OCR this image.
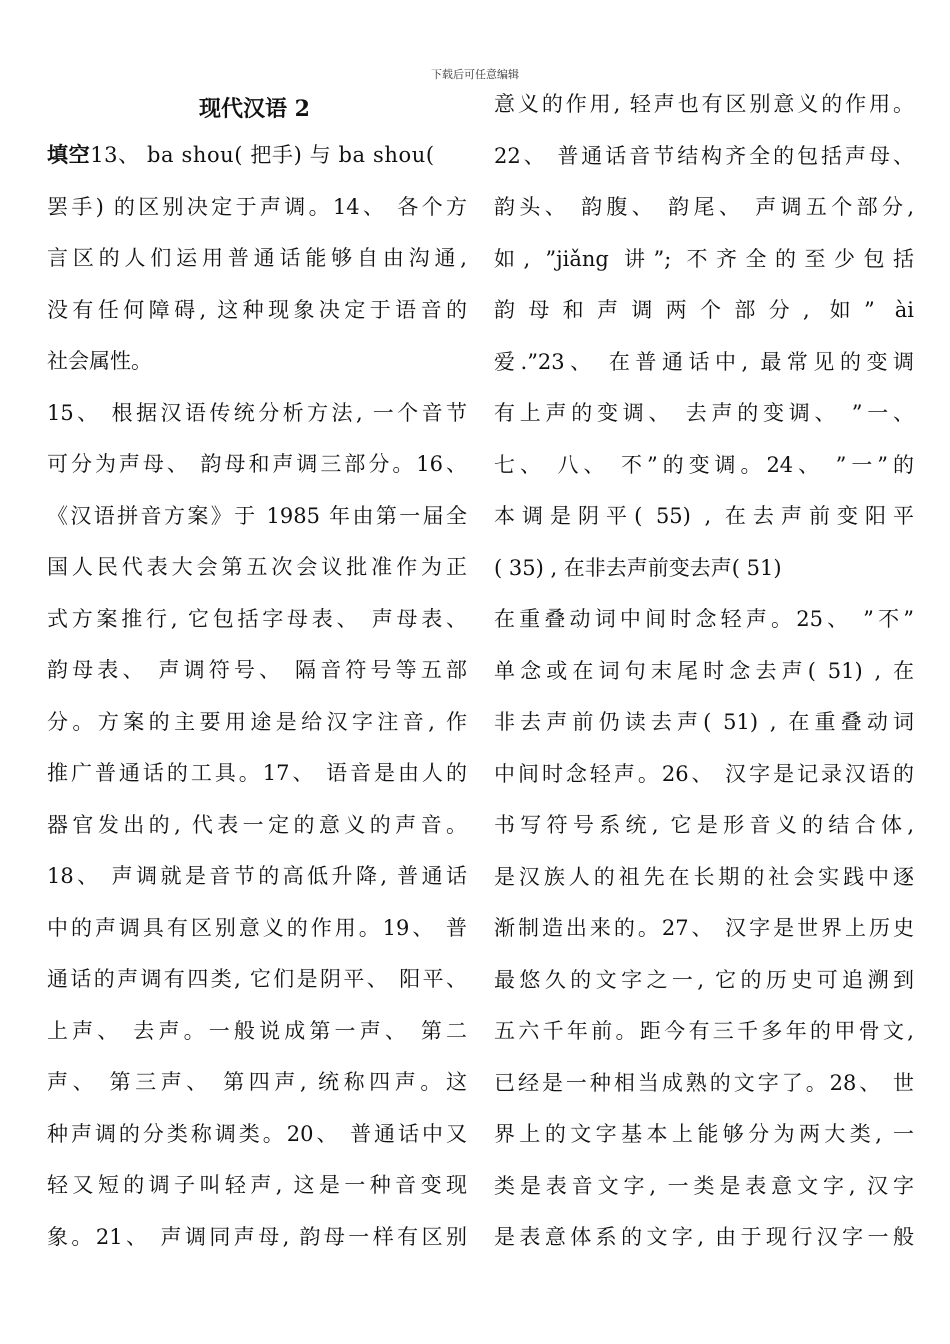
下载后可任意编辑
现代汉语 2
填空13、 ba shou( 把手) 与 ba shou(
罢手) 的区别决定于声调。14、 各个方
言区的人们运用普通话能够自由沟通,
没有任何障碍, 这种现象决定于语音的
社会属性。
15、 根据汉语传统分析方法, 一个音节
可分为声母、 韵母和声调三部分。16、
《汉语拼音方案》于 1985 年由第一届全
国人民代表大会第五次会议批准作为正
式方案推行, 它包括字母表、 声母表、
韵母表、 声调符号、 隔音符号等五部
分。方案的主要用途是给汉字注音, 作
推广普通话的工具。17、 语音是由人的
器官发出的, 代表一定的意义的声音。
18、 声调就是音节的高低升降, 普通话
中的声调具有区别意义的作用。19、 普
通话的声调有四类, 它们是阴平、 阳平、
上声、 去声。一般说成第一声、 第二
声、 第三声、 第四声, 统称四声。这
种声调的分类称调类。20、 普通话中又
轻又短的调子叫轻声, 这是一种音变现
象。21、 声调同声母, 韵母一样有区别
意义的作用, 轻声也有区别意义的作用。
22、 普通话音节结构齐全的包括声母、
韵头、 韵腹、 韵尾、 声调五个部分,
如, ”jiǎng 讲”; 不齐全的至少包括
韵母和声调两个部分, 如” ài
爱.”23、 在普通话中, 最常见的变调
有上声的变调、 去声的变调、 ”一、
七、 八、 不”的变调。24、 ”一”的
本调是阴平( 55) , 在去声前变阳平
( 35) , 在非去声前变去声( 51)
在重叠动词中间时念轻声。25、 ”不”
单念或在词句末尾时念去声( 51) , 在
非去声前仍读去声( 51) , 在重叠动词
中间时念轻声。26、 汉字是记录汉语的
书写符号系统, 它是形音义的结合体,
是汉族人的祖先在长期的社会实践中逐
渐制造出来的。27、 汉字是世界上历史
最悠久的文字之一, 它的历史可追溯到
五六千年前。距今有三千多年的甲骨文,
已经是一种相当成熟的文字了。28、 世
界上的文字基本上能够分为两大类, 一
类是表音文字, 一类是表意文字, 汉字
是表意体系的文字, 由于现行汉字一般
